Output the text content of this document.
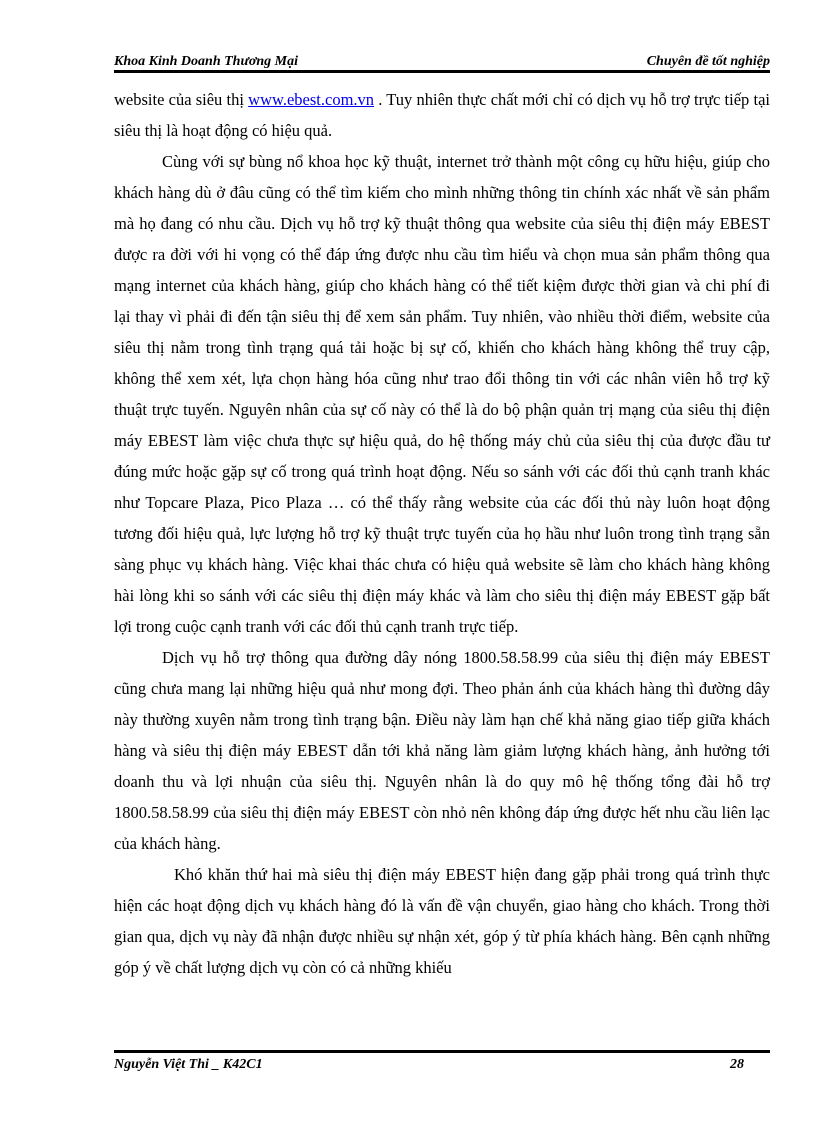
Khoa Kinh Doanh Thương Mại	Chuyên đề tốt nghiệp

website của siêu thị www.ebest.com.vn . Tuy nhiên thực chất mới chỉ có dịch vụ hỗ trợ trực tiếp tại siêu thị là hoạt động có hiệu quả.

Cùng với sự bùng nổ khoa học kỹ thuật, internet trở thành một công cụ hữu hiệu, giúp cho khách hàng dù ở đâu cũng có thể tìm kiếm cho mình những thông tin chính xác nhất về sản phẩm mà họ đang có nhu cầu. Dịch vụ hỗ trợ kỹ thuật thông qua website của siêu thị điện máy EBEST được ra đời với hi vọng có thể đáp ứng được nhu cầu tìm hiểu và chọn mua sản phẩm thông qua mạng internet của khách hàng, giúp cho khách hàng có thể tiết kiệm được thời gian và chi phí đi lại thay vì phải đi đến tận siêu thị để xem sản phẩm. Tuy nhiên, vào nhiều thời điểm, website của siêu thị nằm trong tình trạng quá tải hoặc bị sự cố, khiến cho khách hàng không thể truy cập, không thể xem xét, lựa chọn hàng hóa cũng như trao đổi thông tin với các nhân viên hỗ trợ kỹ thuật trực tuyến. Nguyên nhân của sự cố này có thể là do bộ phận quản trị mạng của siêu thị điện máy EBEST làm việc chưa thực sự hiệu quả, do hệ thống máy chủ của siêu thị của được đầu tư đúng mức hoặc gặp sự cố trong quá trình hoạt động. Nếu so sánh với các đối thủ cạnh tranh khác như Topcare Plaza, Pico Plaza … có thể thấy rằng website của các đối thủ này luôn hoạt động tương đối hiệu quả, lực lượng hỗ trợ kỹ thuật trực tuyến của họ hầu như luôn trong tình trạng sẵn sàng phục vụ khách hàng. Việc khai thác chưa có hiệu quả website sẽ làm cho khách hàng không hài lòng khi so sánh với các siêu thị điện máy khác và làm cho siêu thị điện máy EBEST gặp bất lợi trong cuộc cạnh tranh với các đối thủ cạnh tranh trực tiếp.

Dịch vụ hỗ trợ thông qua đường dây nóng 1800.58.58.99 của siêu thị điện máy EBEST cũng chưa mang lại những hiệu quả như mong đợi. Theo phản ánh của khách hàng thì đường dây này thường xuyên nằm trong tình trạng bận. Điều này làm hạn chế khả năng giao tiếp giữa khách hàng và siêu thị điện máy EBEST dẫn tới khả năng làm giảm lượng khách hàng, ảnh hưởng tới doanh thu và lợi nhuận của siêu thị. Nguyên nhân là do quy mô hệ thống tổng đài hỗ trợ 1800.58.58.99 của siêu thị điện máy EBEST còn nhỏ nên không đáp ứng được hết nhu cầu liên lạc của khách hàng.

Khó khăn thứ hai mà siêu thị điện máy EBEST hiện đang gặp phải trong quá trình thực hiện các hoạt động dịch vụ khách hàng đó là vấn đề vận chuyển, giao hàng cho khách. Trong thời gian qua, dịch vụ này đã nhận được nhiều sự nhận xét, góp ý từ phía khách hàng. Bên cạnh những góp ý về chất lượng dịch vụ còn có cả những khiếu

Nguyễn Việt Thi _ K42C1	28
